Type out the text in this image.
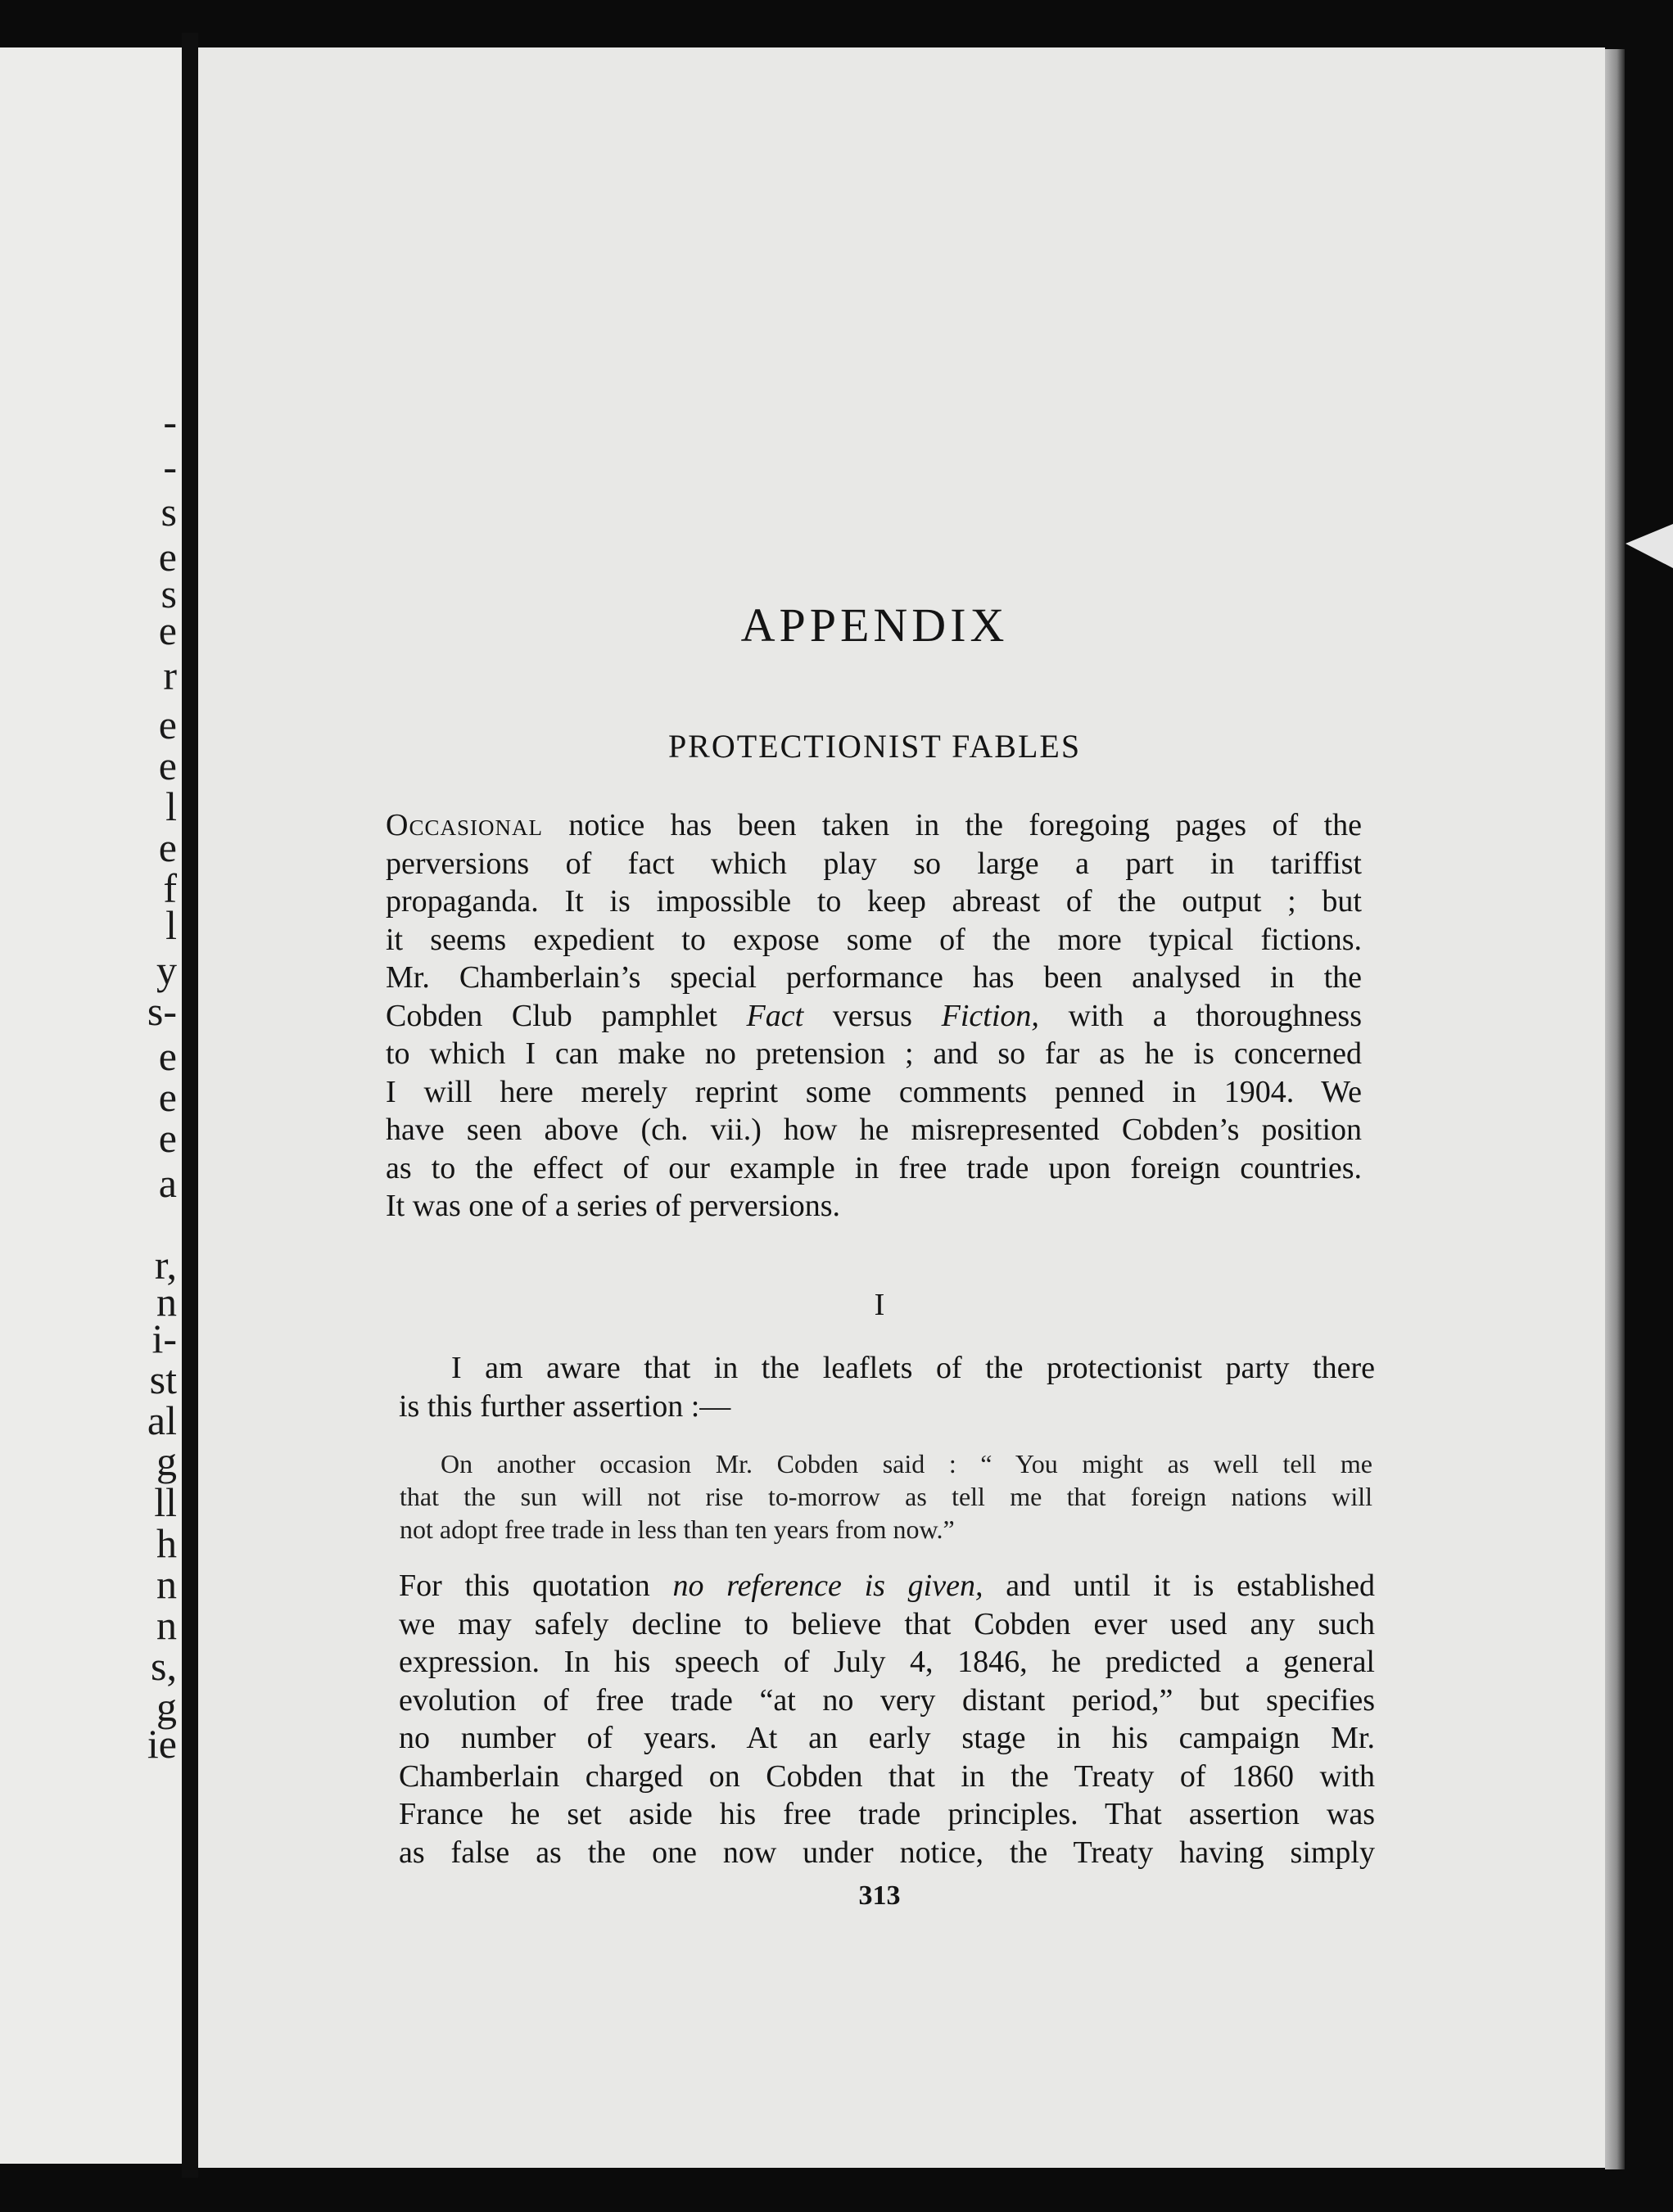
-
-
s
e
s
e
r
e
e
l
e
f
l
y
s-
e
e
e
a
r,
n
i-
st
al
g
ll
h
n
n
s,
g
ie
APPENDIX
PROTECTIONIST FABLES
Occasional notice has been taken in the foregoing pages of the
perversions of fact which play so large a part in tariffist
propaganda. It is impossible to keep abreast of the output ; but
it seems expedient to expose some of the more typical fictions.
Mr. Chamberlain’s special performance has been analysed in the
Cobden Club pamphlet Fact versus Fiction, with a thoroughness
to which I can make no pretension ; and so far as he is concerned
I will here merely reprint some comments penned in 1904. We
have seen above (ch. vii.) how he misrepresented Cobden’s position
as to the effect of our example in free trade upon foreign countries.
It was one of a series of perversions.
I
I am aware that in the leaflets of the protectionist party there
is this further assertion :—
On another occasion Mr. Cobden said : “ You might as well tell me
that the sun will not rise to-morrow as tell me that foreign nations will
not adopt free trade in less than ten years from now.”
For this quotation no reference is given, and until it is established
we may safely decline to believe that Cobden ever used any such
expression. In his speech of July 4, 1846, he predicted a general
evolution of free trade “at no very distant period,” but specifies
no number of years. At an early stage in his campaign Mr.
Chamberlain charged on Cobden that in the Treaty of 1860 with
France he set aside his free trade principles. That assertion was
as false as the one now under notice, the Treaty having simply
313
